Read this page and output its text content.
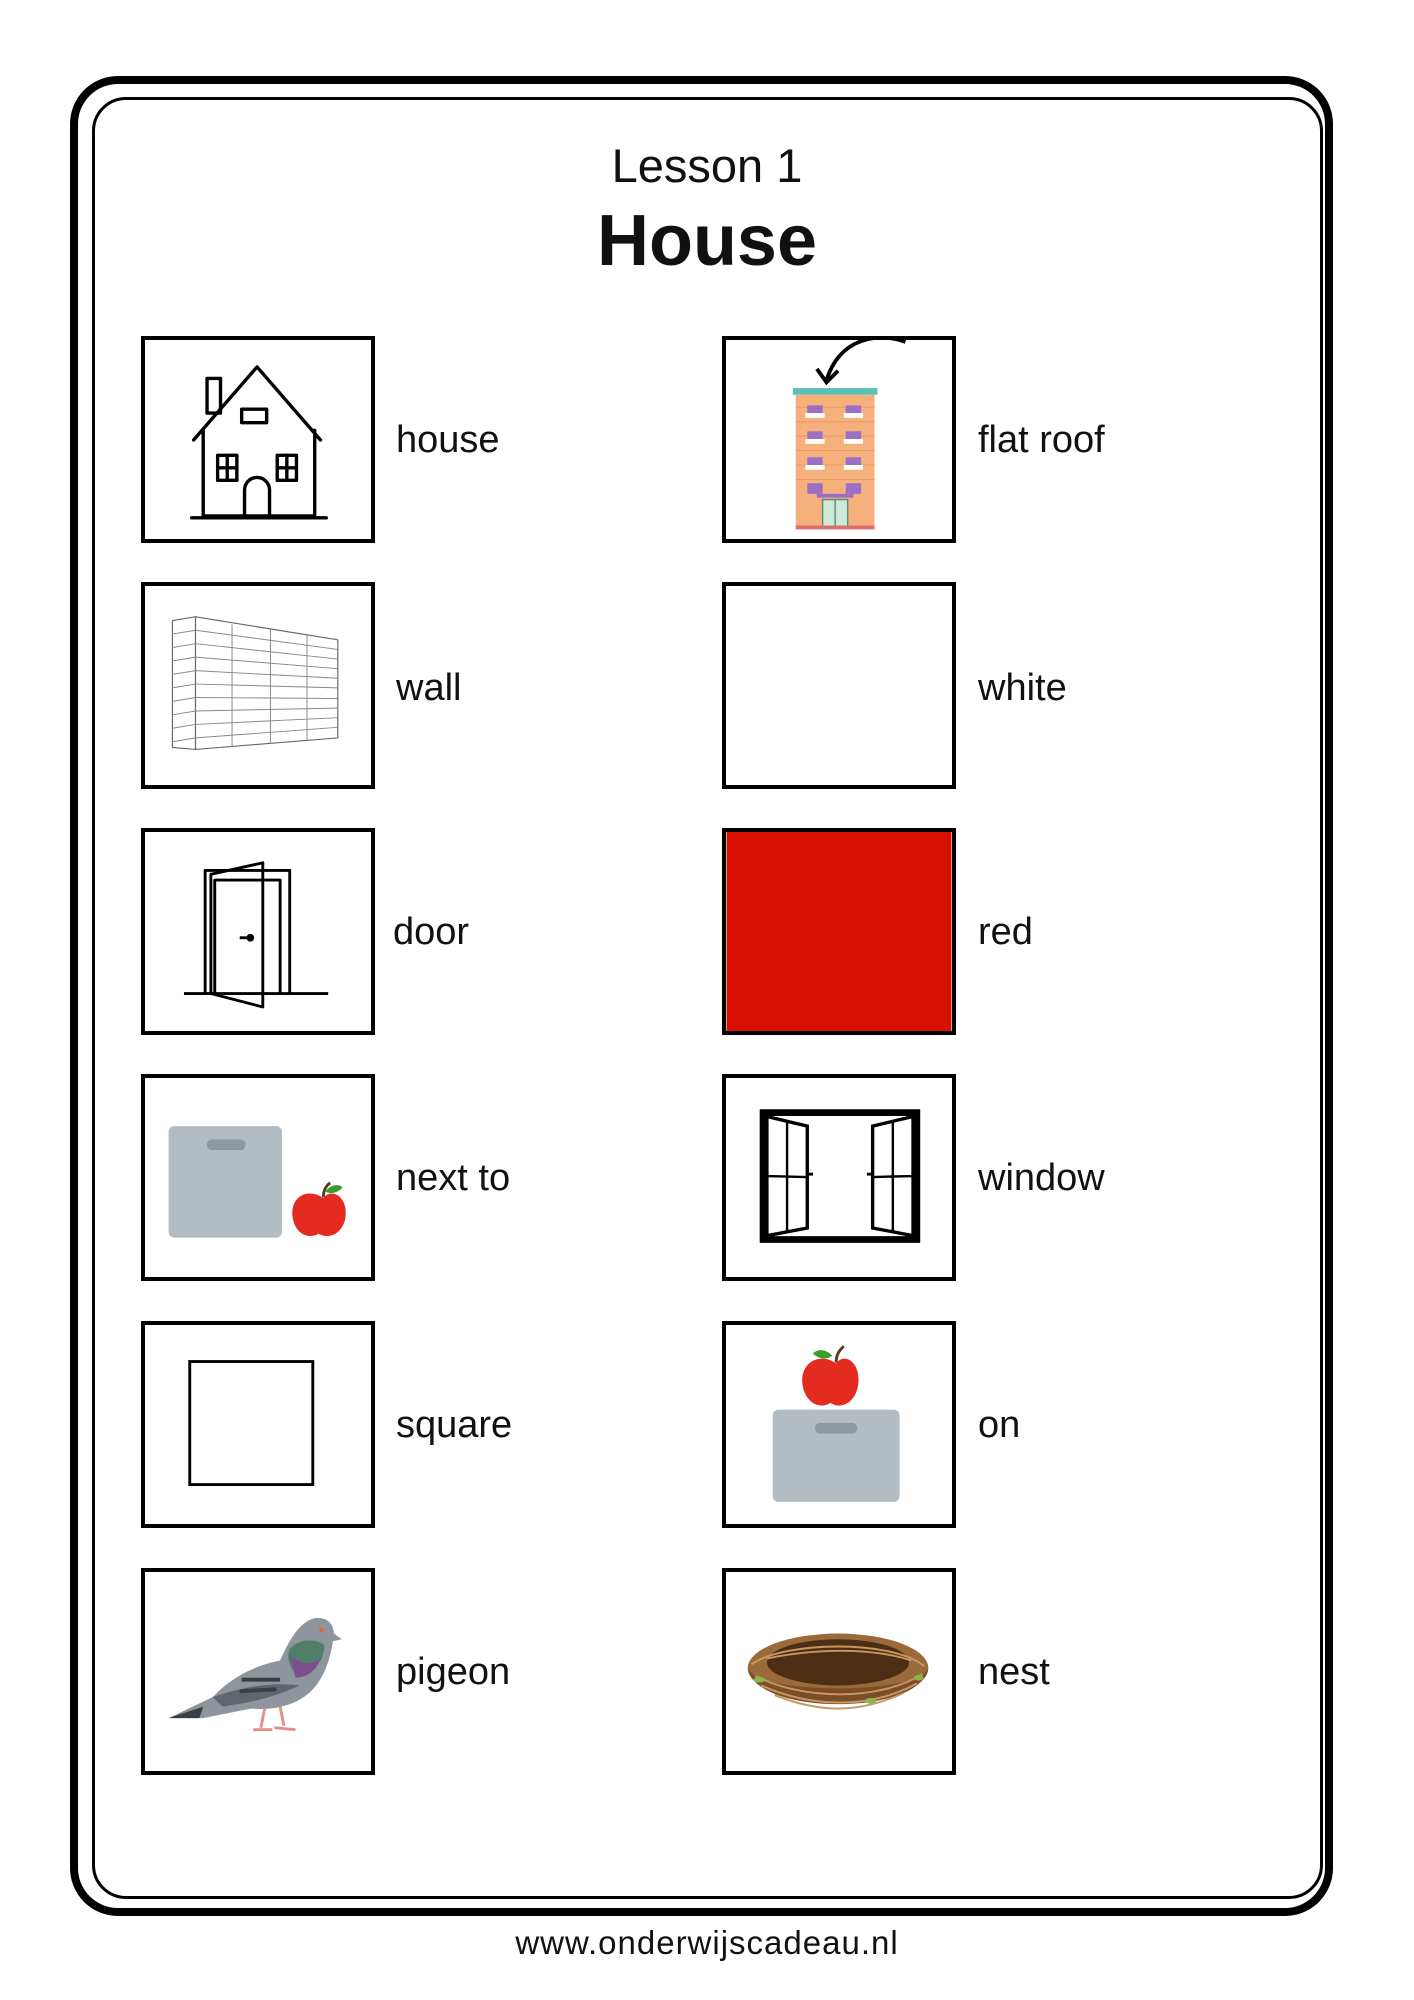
Lesson 1
House
house	flat roof
wall	white
door	red
next to	window
square	on
pigeon	nest
www.onderwijscadeau.nl
